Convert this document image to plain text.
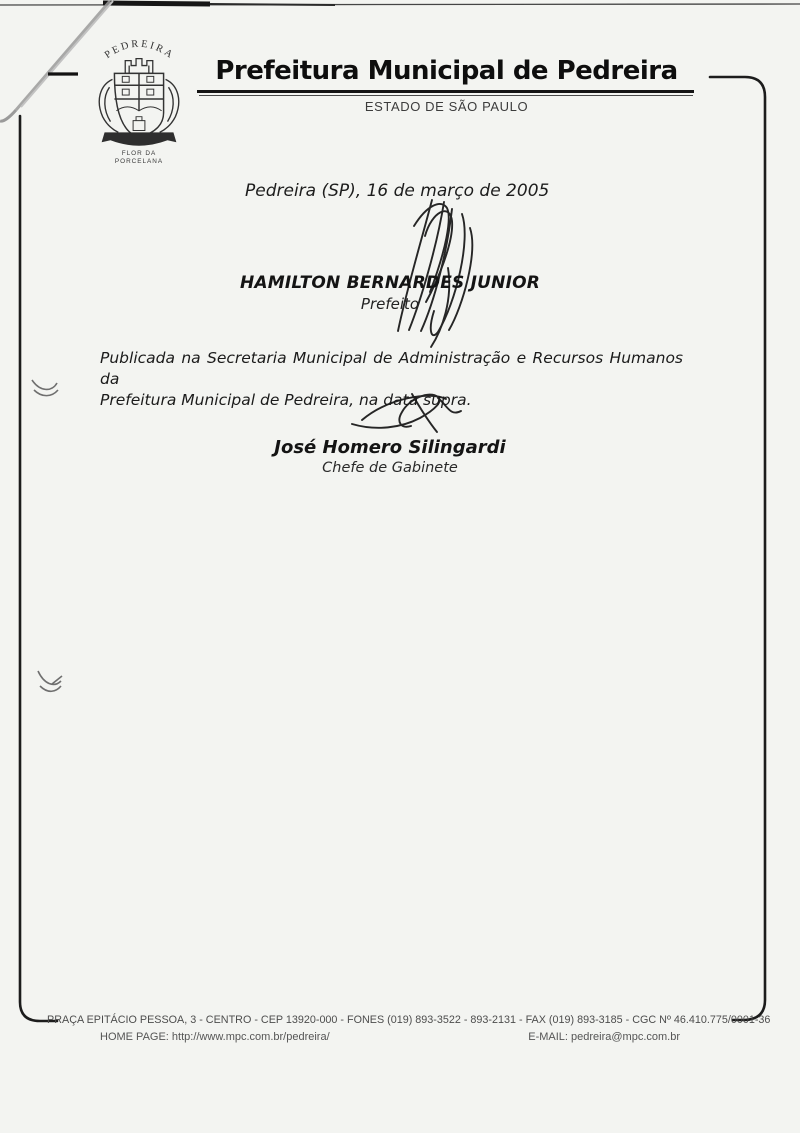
PEDREIRA
FLOR DA
PORCELANA
Prefeitura Municipal de Pedreira
ESTADO DE SÃO PAULO
Pedreira (SP), 16 de março de 2005
HAMILTON BERNARDES JUNIOR
Prefeito
Publicada na Secretaria Municipal de Administração e Recursos Humanos da
Prefeitura Municipal de Pedreira, na data supra.
José Homero Silingardi
Chefe de Gabinete
PRAÇA EPITÁCIO PESSOA, 3 - CENTRO - CEP 13920-000 - FONES (019) 893-3522 - 893-2131 - FAX (019) 893-3185 - CGC Nº 46.410.775/0001-36
HOME PAGE: http://www.mpc.com.br/pedreira/	E-MAIL: pedreira@mpc.com.br
